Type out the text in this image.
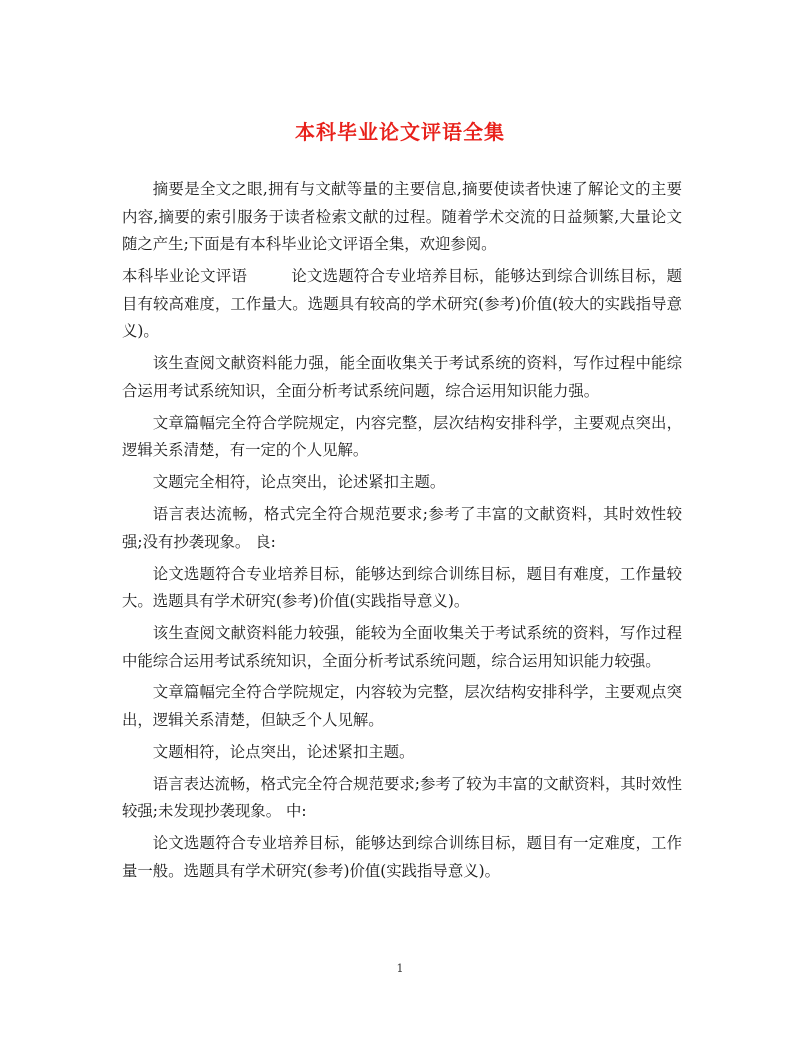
本科毕业论文评语全集

摘要是全文之眼,拥有与文献等量的主要信息,摘要使读者快速了解论文的主要内容,摘要的索引服务于读者检索文献的过程。随着学术交流的日益频繁,大量论文随之产生;下面是有本科毕业论文评语全集，欢迎参阅。

本科毕业论文评语	论文选题符合专业培养目标，能够达到综合训练目标，题目有较高难度，工作量大。选题具有较高的学术研究(参考)价值(较大的实践指导意义)。

该生查阅文献资料能力强，能全面收集关于考试系统的资料，写作过程中能综合运用考试系统知识，全面分析考试系统问题，综合运用知识能力强。

文章篇幅完全符合学院规定，内容完整，层次结构安排科学，主要观点突出，逻辑关系清楚，有一定的个人见解。

文题完全相符，论点突出，论述紧扣主题。

语言表达流畅，格式完全符合规范要求;参考了丰富的文献资料，其时效性较强;没有抄袭现象。 良:

论文选题符合专业培养目标，能够达到综合训练目标，题目有难度，工作量较大。选题具有学术研究(参考)价值(实践指导意义)。

该生查阅文献资料能力较强，能较为全面收集关于考试系统的资料，写作过程中能综合运用考试系统知识，全面分析考试系统问题，综合运用知识能力较强。

文章篇幅完全符合学院规定，内容较为完整，层次结构安排科学，主要观点突出，逻辑关系清楚，但缺乏个人见解。

文题相符，论点突出，论述紧扣主题。

语言表达流畅，格式完全符合规范要求;参考了较为丰富的文献资料，其时效性较强;未发现抄袭现象。 中:

论文选题符合专业培养目标，能够达到综合训练目标，题目有一定难度，工作量一般。选题具有学术研究(参考)价值(实践指导意义)。

1
